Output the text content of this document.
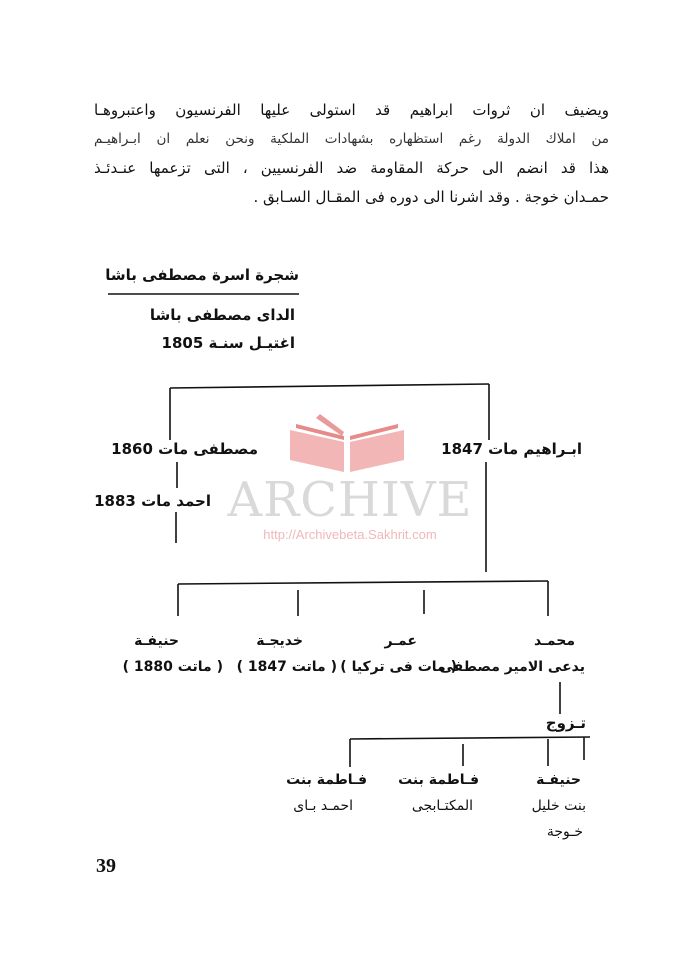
ARCHIVE
http://Archivebeta.Sakhrit.com
ويضيف ان ثروات ابراهيم قد استولى عليها الفرنسيون واعتبروهـا
من املاك الدولة رغم استظهاره بشهادات الملكية ونحن نعلم ان ابـراهيـم
هذا قد انضم الى حركة المقاومة ضد الفرنسيين ، التى تزعمها عنـدئـذ
حمـدان خوجة . وقد اشرنا الى دوره فى المقـال السـابق .
شجرة اسرة مصطفى باشا
الداى مصطفى باشا
اغتيـل سنـة 1805
ابـراهيم مات 1847
مصطفى مات 1860
احمد مات 1883
محمـد
يدعى الامير مصطفى
عمـر
( مات فى تركيا )
خديجـة
( ماتت 1847 )
حنيفـة
( ماتت 1880 )
تـزوج
حنيفـة
بنت خليل
خـوجة
فـاطمة بنت
المكتـابجى
فـاطمة بنت
احمـد بـاى
39
